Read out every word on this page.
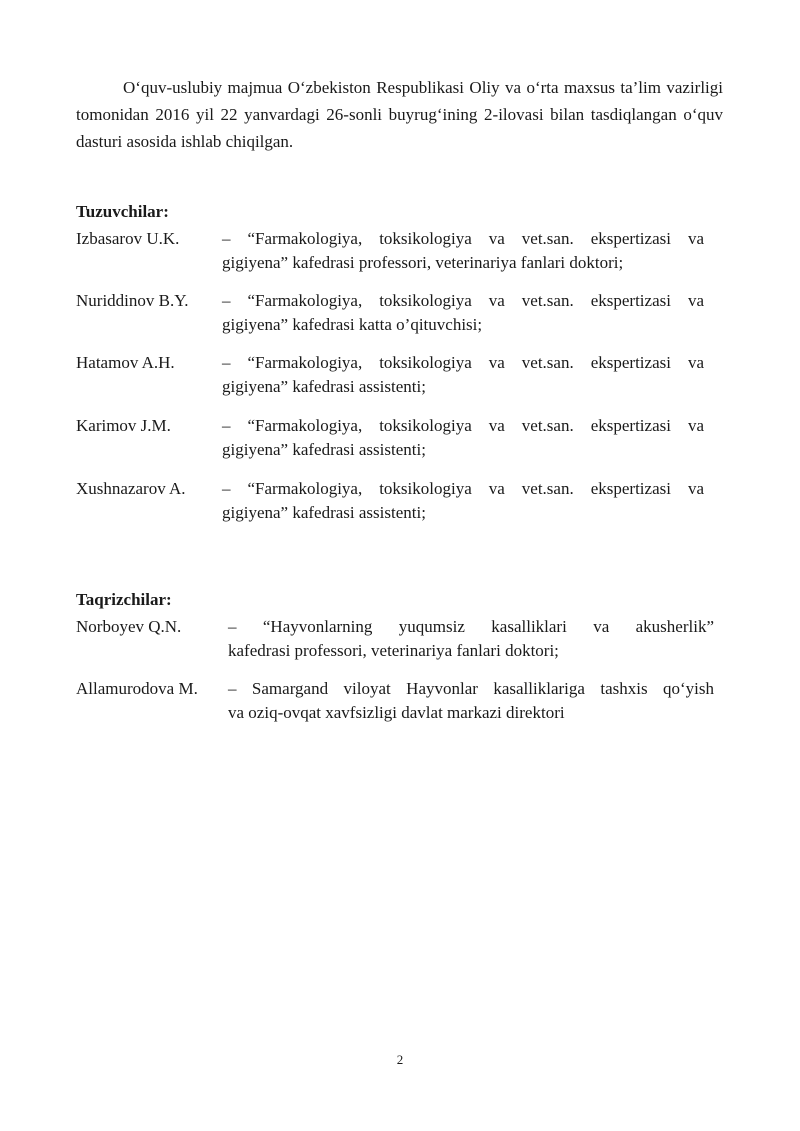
O‘quv-uslubiy majmua O‘zbekiston Respublikasi Oliy va o‘rta maxsus ta’lim vazirligi tomonidan 2016 yil 22 yanvardagi 26-sonli buyrug‘ining 2-ilovasi bilan tasdiqlangan o‘quv dasturi asosida ishlab chiqilgan.

Tuzuvchilar:
Izbasarov U.K.	– “Farmakologiya, toksikologiya va vet.san. ekspertizasi va
gigiyena” kafedrasi professori, veterinariya fanlari doktori;
Nuriddinov B.Y.	– “Farmakologiya, toksikologiya va vet.san. ekspertizasi va
gigiyena” kafedrasi katta o’qituvchisi;
Hatamov A.H.	– “Farmakologiya, toksikologiya va vet.san. ekspertizasi va
gigiyena” kafedrasi assistenti;
Karimov J.M.	– “Farmakologiya, toksikologiya va vet.san. ekspertizasi va
gigiyena” kafedrasi assistenti;
Xushnazarov A.	– “Farmakologiya, toksikologiya va vet.san. ekspertizasi va
gigiyena” kafedrasi assistenti;
Taqrizchilar:
Norboyev Q.N.	– “Hayvonlarning yuqumsiz kasalliklari va akusherlik”
kafedrasi professori, veterinariya fanlari doktori;
Allamurodova M.	– Samargand viloyat Hayvonlar kasalliklariga tashxis qo‘yish
va oziq-ovqat xavfsizligi davlat markazi direktori

2
